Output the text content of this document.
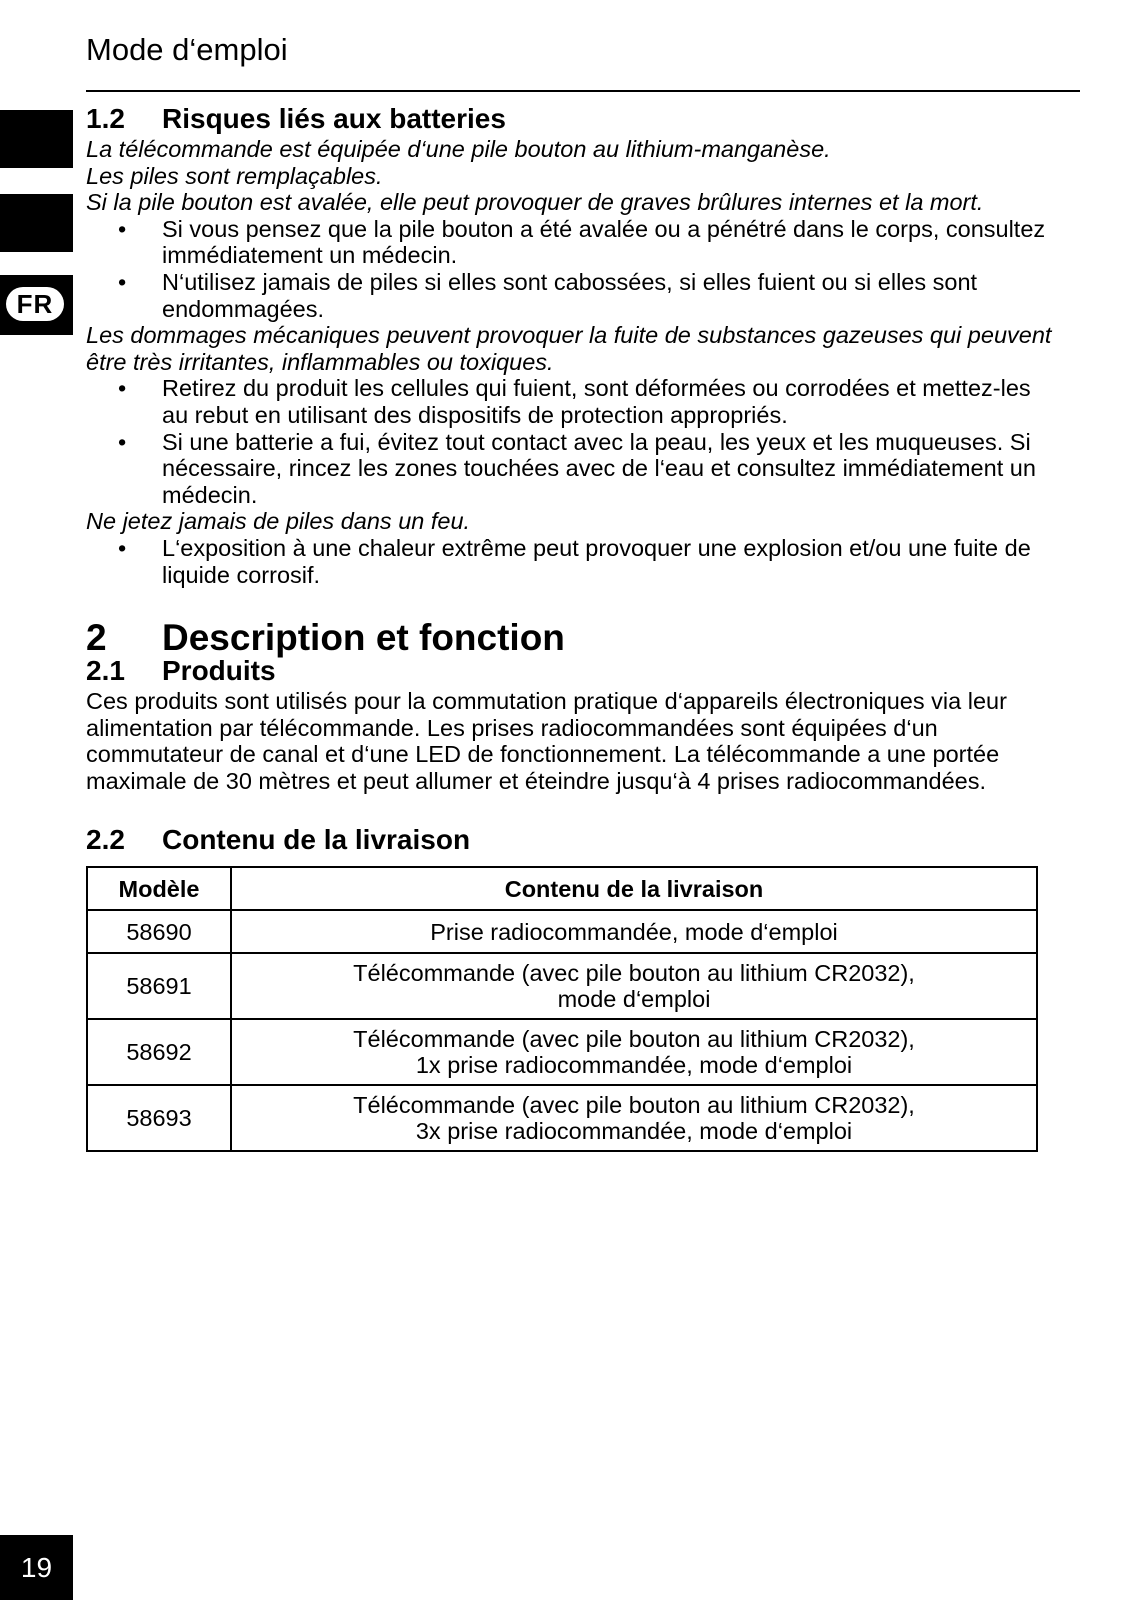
Mode d‘emploi
FR
19
1.2	Risques liés aux batteries

La télécommande est équipée d‘une pile bouton au lithium-manganèse.

Les piles sont remplaçables.

Si la pile bouton est avalée, elle peut provoquer de graves brûlures internes et la mort.

• Si vous pensez que la pile bouton a été avalée ou a pénétré dans le corps, consultez immédiatement un médecin.
• N‘utilisez jamais de piles si elles sont cabossées, si elles fuient ou si elles sont endommagées.

Les dommages mécaniques peuvent provoquer la fuite de substances gazeuses qui peuvent être très irritantes, inflammables ou toxiques.

• Retirez du produit les cellules qui fuient, sont déformées ou corrodées et mettez-les au rebut en utilisant des dispositifs de protection appropriés.
• Si une batterie a fui, évitez tout contact avec la peau, les yeux et les muqueuses. Si nécessaire, rincez les zones touchées avec de l‘eau et consultez immédiatement un médecin.

Ne jetez jamais de piles dans un feu.

• L‘exposition à une chaleur extrême peut provoquer une explosion et/ou une fuite de liquide corrosif.
2	Description et fonction
2.1	Produits

Ces produits sont utilisés pour la commutation pratique d‘appareils électroniques via leur alimentation par télécommande. Les prises radiocommandées sont équipées d‘un commutateur de canal et d‘une LED de fonctionnement. La télécommande a une portée maximale de 30 mètres et peut allumer et éteindre jusqu‘à 4 prises radiocommandées.

2.2	Contenu de la livraison
Modèle	Contenu de la livraison
58690	Prise radiocommandée, mode d‘emploi
58691	Télécommande (avec pile bouton au lithium CR2032),
mode d‘emploi

58692	Télécommande (avec pile bouton au lithium CR2032),
1x prise radiocommandée, mode d‘emploi

58693	Télécommande (avec pile bouton au lithium CR2032),
3x prise radiocommandée, mode d‘emploi
